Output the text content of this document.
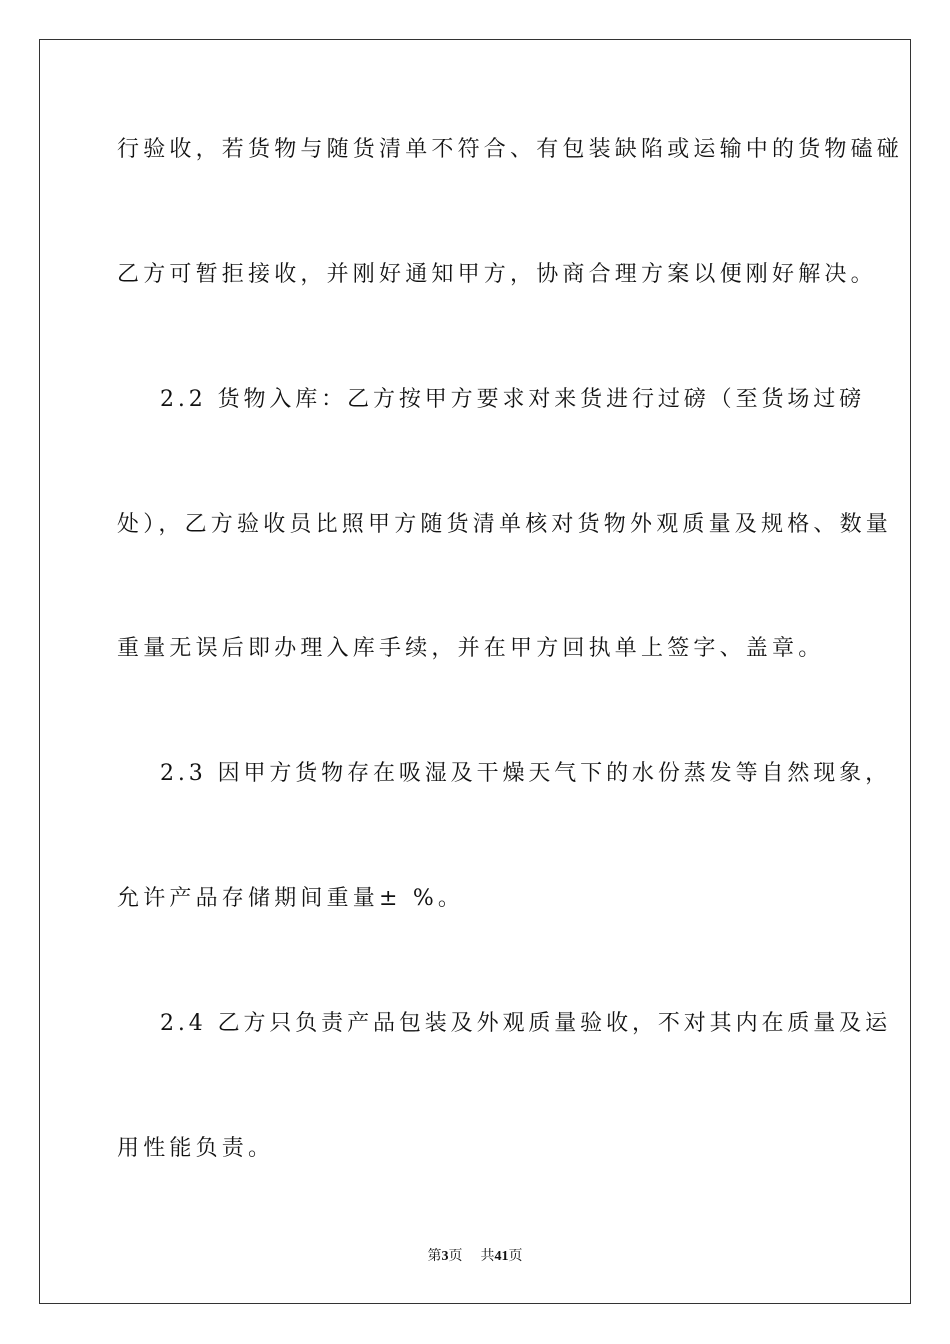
行验收，若货物与随货清单不符合、有包装缺陷或运输中的货物磕碰
乙方可暂拒接收，并刚好通知甲方，协商合理方案以便刚好解决。
2.2 货物入库：乙方按甲方要求对来货进行过磅（至货场过磅
处），乙方验收员比照甲方随货清单核对货物外观质量及规格、数量
重量无误后即办理入库手续，并在甲方回执单上签字、盖章。
2.3 因甲方货物存在吸湿及干燥天气下的水份蒸发等自然现象，
允许产品存储期间重量± %。
2.4 乙方只负责产品包装及外观质量验收，不对其内在质量及运
用性能负责。
第3页 共41页
